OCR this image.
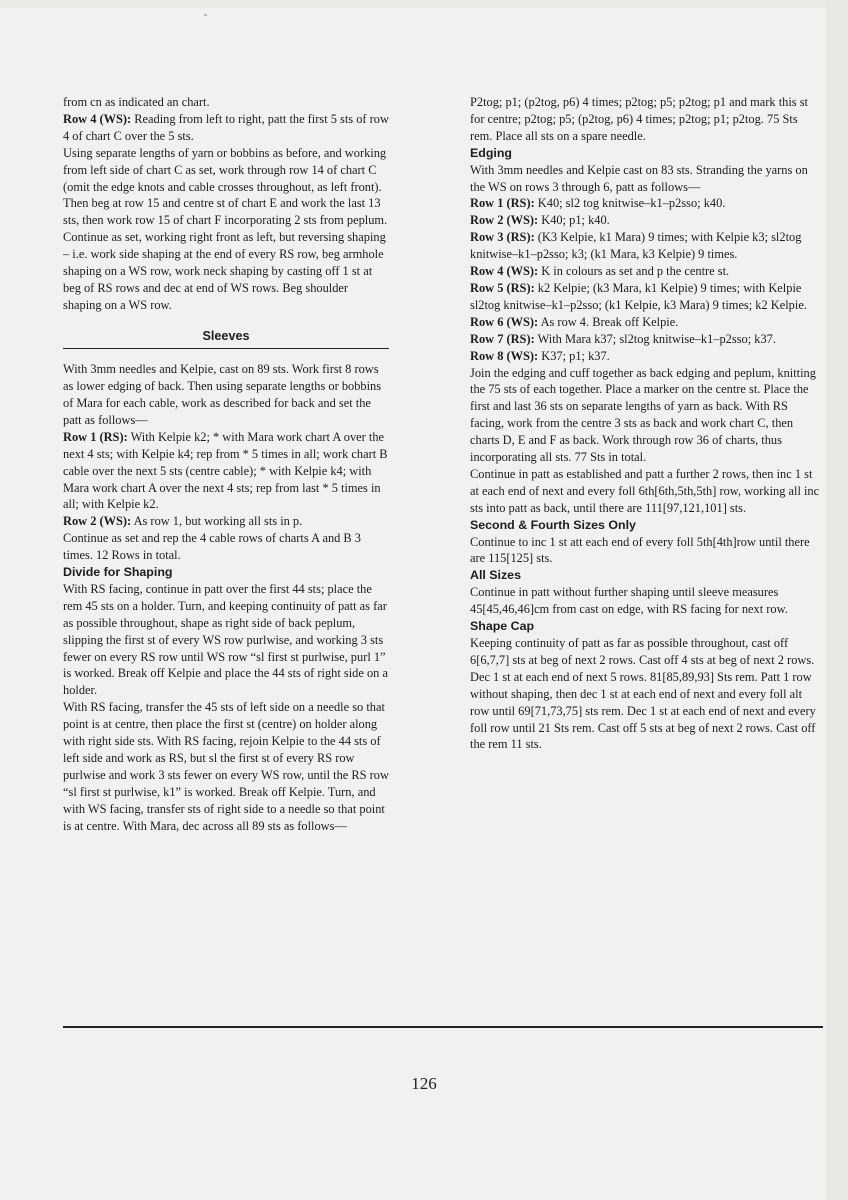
from cn as indicated an chart.

Row 4 (WS): Reading from left to right, patt the first 5 sts of row 4 of chart C over the 5 sts.

Using separate lengths of yarn or bobbins as before, and working from left side of chart C as set, work through row 14 of chart C (omit the edge knots and cable crosses throughout, as left front). Then beg at row 15 and centre st of chart E and work the last 13 sts, then work row 15 of chart F incorporating 2 sts from peplum.

Continue as set, working right front as left, but reversing shaping – i.e. work side shaping at the end of every RS row, beg armhole shaping on a WS row, work neck shaping by casting off 1 st at beg of RS rows and dec at end of WS rows. Beg shoulder shaping on a WS row.

Sleeves

With 3mm needles and Kelpie, cast on 89 sts. Work first 8 rows as lower edging of back. Then using separate lengths or bobbins of Mara for each cable, work as described for back and set the patt as follows—

Row 1 (RS): With Kelpie k2; * with Mara work chart A over the next 4 sts; with Kelpie k4; rep from * 5 times in all; work chart B cable over the next 5 sts (centre cable); * with Kelpie k4; with Mara work chart A over the next 4 sts; rep from last * 5 times in all; with Kelpie k2.

Row 2 (WS): As row 1, but working all sts in p.

Continue as set and rep the 4 cable rows of charts A and B 3 times. 12 Rows in total.

Divide for Shaping

With RS facing, continue in patt over the first 44 sts; place the rem 45 sts on a holder. Turn, and keeping continuity of patt as far as possible throughout, shape as right side of back peplum, slipping the first st of every WS row purlwise, and working 3 sts fewer on every RS row until WS row “sl first st purlwise, purl 1” is worked. Break off Kelpie and place the 44 sts of right side on a holder.

With RS facing, transfer the 45 sts of left side on a needle so that point is at centre, then place the first st (centre) on holder along with right side sts. With RS facing, rejoin Kelpie to the 44 sts of left side and work as RS, but sl the first st of every RS row purlwise and work 3 sts fewer on every WS row, until the RS row “sl first st purlwise, k1” is worked. Break off Kelpie. Turn, and with WS facing, transfer sts of right side to a needle so that point is at centre. With Mara, dec across all 89 sts as follows—

P2tog; p1; (p2tog, p6) 4 times; p2tog; p5; p2tog; p1 and mark this st for centre; p2tog; p5; (p2tog, p6) 4 times; p2tog; p1; p2tog. 75 Sts rem. Place all sts on a spare needle.

Edging

With 3mm needles and Kelpie cast on 83 sts. Stranding the yarns on the WS on rows 3 through 6, patt as follows—

Row 1 (RS): K40; sl2 tog knitwise–k1–p2sso; k40.

Row 2 (WS): K40; p1; k40.

Row 3 (RS): (K3 Kelpie, k1 Mara) 9 times; with Kelpie k3; sl2tog knitwise–k1–p2sso; k3; (k1 Mara, k3 Kelpie) 9 times.

Row 4 (WS): K in colours as set and p the centre st.

Row 5 (RS): k2 Kelpie; (k3 Mara, k1 Kelpie) 9 times; with Kelpie sl2tog knitwise–k1–p2sso; (k1 Kelpie, k3 Mara) 9 times; k2 Kelpie.

Row 6 (WS): As row 4. Break off Kelpie.

Row 7 (RS): With Mara k37; sl2tog knitwise–k1–p2sso; k37.

Row 8 (WS): K37; p1; k37.

Join the edging and cuff together as back edging and peplum, knitting the 75 sts of each together. Place a marker on the centre st. Place the first and last 36 sts on separate lengths of yarn as back. With RS facing, work from the centre 3 sts as back and work chart C, then charts D, E and F as back. Work through row 36 of charts, thus incorporating all sts. 77 Sts in total.

Continue in patt as established and patt a further 2 rows, then inc 1 st at each end of next and every foll 6th[6th,5th,5th] row, working all inc sts into patt as back, until there are 111[97,121,101] sts.

Second & Fourth Sizes Only

Continue to inc 1 st att each end of every foll 5th[4th]row until there are 115[125] sts.

All Sizes

Continue in patt without further shaping until sleeve measures 45[45,46,46]cm from cast on edge, with RS facing for next row.

Shape Cap

Keeping continuity of patt as far as possible throughout, cast off 6[6,7,7] sts at beg of next 2 rows. Cast off 4 sts at beg of next 2 rows. Dec 1 st at each end of next 5 rows. 81[85,89,93] Sts rem. Patt 1 row without shaping, then dec 1 st at each end of next and every foll alt row until 69[71,73,75] sts rem. Dec 1 st at each end of next and every foll row until 21 Sts rem. Cast off 5 sts at beg of next 2 rows. Cast off the rem 11 sts.

126
